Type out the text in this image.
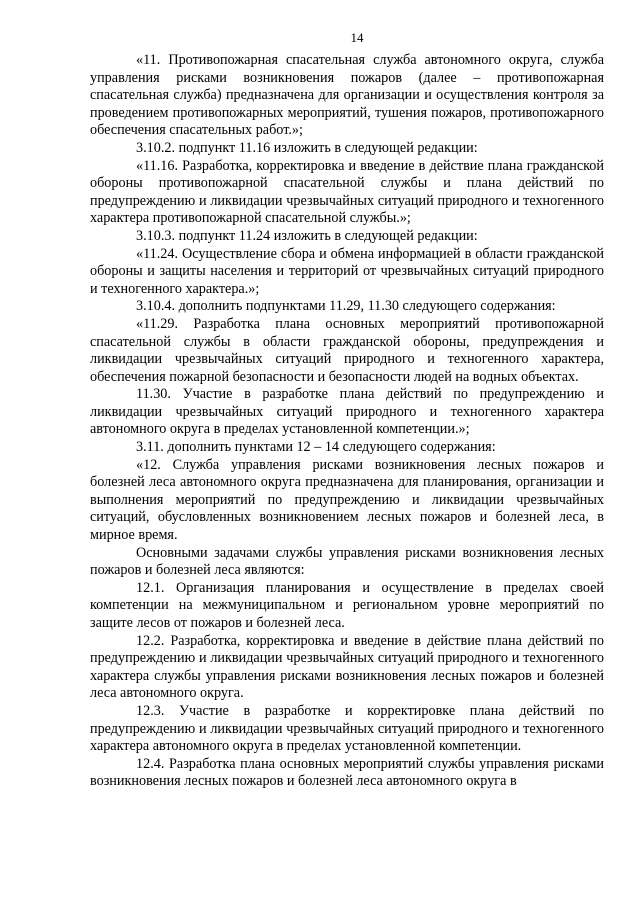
14

«11. Противопожарная спасательная служба автономного округа, служба управления рисками возникновения пожаров (далее – противопожарная спасательная служба) предназначена для организации и осуществления контроля за проведением противопожарных мероприятий, тушения пожаров, противопожарного обеспечения спасательных работ.»;

3.10.2. подпункт 11.16 изложить в следующей редакции:

«11.16. Разработка, корректировка и введение в действие плана гражданской обороны противопожарной спасательной службы и плана действий по предупреждению и ликвидации чрезвычайных ситуаций природного и техногенного характера противопожарной спасательной службы.»;

3.10.3. подпункт 11.24 изложить в следующей редакции:

«11.24. Осуществление сбора и обмена информацией в области гражданской обороны и защиты населения и территорий от чрезвычайных ситуаций природного и техногенного характера.»;

3.10.4. дополнить подпунктами 11.29, 11.30 следующего содержания:

«11.29. Разработка плана основных мероприятий противопожарной спасательной службы в области гражданской обороны, предупреждения и ликвидации чрезвычайных ситуаций природного и техногенного характера, обеспечения пожарной безопасности и безопасности людей на водных объектах.

11.30. Участие в разработке плана действий по предупреждению и ликвидации чрезвычайных ситуаций природного и техногенного характера автономного округа в пределах установленной компетенции.»;

3.11. дополнить пунктами 12 – 14 следующего содержания:

«12. Служба управления рисками возникновения лесных пожаров и болезней леса автономного округа предназначена для планирования, организации и выполнения мероприятий по предупреждению и ликвидации чрезвычайных ситуаций, обусловленных возникновением лесных пожаров и болезней леса, в мирное время.

Основными задачами службы управления рисками возникновения лесных пожаров и болезней леса являются:

12.1. Организация планирования и осуществление в пределах своей компетенции на межмуниципальном и региональном уровне мероприятий по защите лесов от пожаров и болезней леса.

12.2. Разработка, корректировка и введение в действие плана действий по предупреждению и ликвидации чрезвычайных ситуаций природного и техногенного характера службы управления рисками возникновения лесных пожаров и болезней леса автономного округа.

12.3. Участие в разработке и корректировке плана действий по предупреждению и ликвидации чрезвычайных ситуаций природного и техногенного характера автономного округа в пределах установленной компетенции.

12.4. Разработка плана основных мероприятий службы управления рисками возникновения лесных пожаров и болезней леса автономного округа в
